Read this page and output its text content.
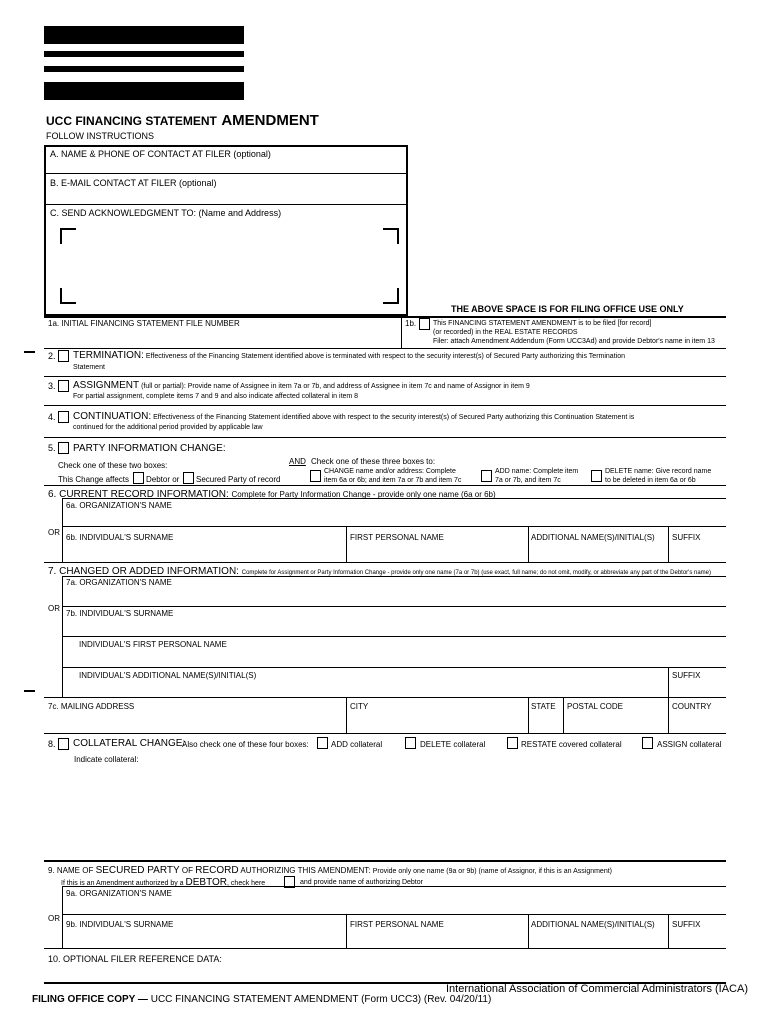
UCC FINANCING STATEMENT AMENDMENT
FOLLOW INSTRUCTIONS
A. NAME & PHONE OF CONTACT AT FILER (optional)
B. E-MAIL CONTACT AT FILER (optional)
C. SEND ACKNOWLEDGMENT TO: (Name and Address)
THE ABOVE SPACE IS FOR FILING OFFICE USE ONLY
1a. INITIAL FINANCING STATEMENT FILE NUMBER	1b. This FINANCING STATEMENT AMENDMENT is to be filed [for record]
(or recorded) in the REAL ESTATE RECORDS
Filer: attach Amendment Addendum (Form UCC3Ad) and provide Debtor's name in item 13
2. TERMINATION: Effectiveness of the Financing Statement identified above is terminated with respect to the security interest(s) of Secured Party authorizing this Termination
Statement
3. ASSIGNMENT (full or partial): Provide name of Assignee in item 7a or 7b, and address of Assignee in item 7c and name of Assignor in item 9
For partial assignment, complete items 7 and 9 and also indicate affected collateral in item 8
4. CONTINUATION: Effectiveness of the Financing Statement identified above with respect to the security interest(s) of Secured Party authorizing this Continuation Statement is
continued for the additional period provided by applicable law
5. PARTY INFORMATION CHANGE:
Check one of these two boxes:
This Change affects Debtor or Secured Party of record
AND Check one of these three boxes to:
CHANGE name and/or address: Complete
item 6a or 6b; and item 7a or 7b and item 7c
ADD name: Complete item
7a or 7b, and item 7c
DELETE name: Give record name
to be deleted in item 6a or 6b
6. CURRENT RECORD INFORMATION: Complete for Party Information Change - provide only one name (6a or 6b)
6a. ORGANIZATION'S NAME
OR
6b. INDIVIDUAL'S SURNAME	FIRST PERSONAL NAME	ADDITIONAL NAME(S)/INITIAL(S) SUFFIX
7. CHANGED OR ADDED INFORMATION: Complete for Assignment or Party Information Change - provide only one name (7a or 7b) (use exact, full name; do not omit, modify, or abbreviate any part of the Debtor's name)
7a. ORGANIZATION'S NAME
OR
7b. INDIVIDUAL'S SURNAME
INDIVIDUAL'S FIRST PERSONAL NAME
INDIVIDUAL'S ADDITIONAL NAME(S)/INITIAL(S)	SUFFIX
7c. MAILING ADDRESS	CITY	STATE POSTAL CODE	COUNTRY
8. COLLATERAL CHANGE:
Also check one of these four boxes:	ADD collateral	DELETE collateral	RESTATE covered collateral	ASSIGN collateral
Indicate collateral:
9. NAME OF SECURED PARTY OF RECORD AUTHORIZING THIS AMENDMENT: Provide only one name (9a or 9b) (name of Assignor, if this is an Assignment)
If this is an Amendment authorized by a DEBTOR, check here	and provide name of authorizing Debtor
9a. ORGANIZATION'S NAME
OR
9b. INDIVIDUAL'S SURNAME	FIRST PERSONAL NAME	ADDITIONAL NAME(S)/INITIAL(S) SUFFIX
10. OPTIONAL FILER REFERENCE DATA:
International Association of Commercial Administrators (IACA)
FILING OFFICE COPY — UCC FINANCING STATEMENT AMENDMENT (Form UCC3) (Rev. 04/20/11)
